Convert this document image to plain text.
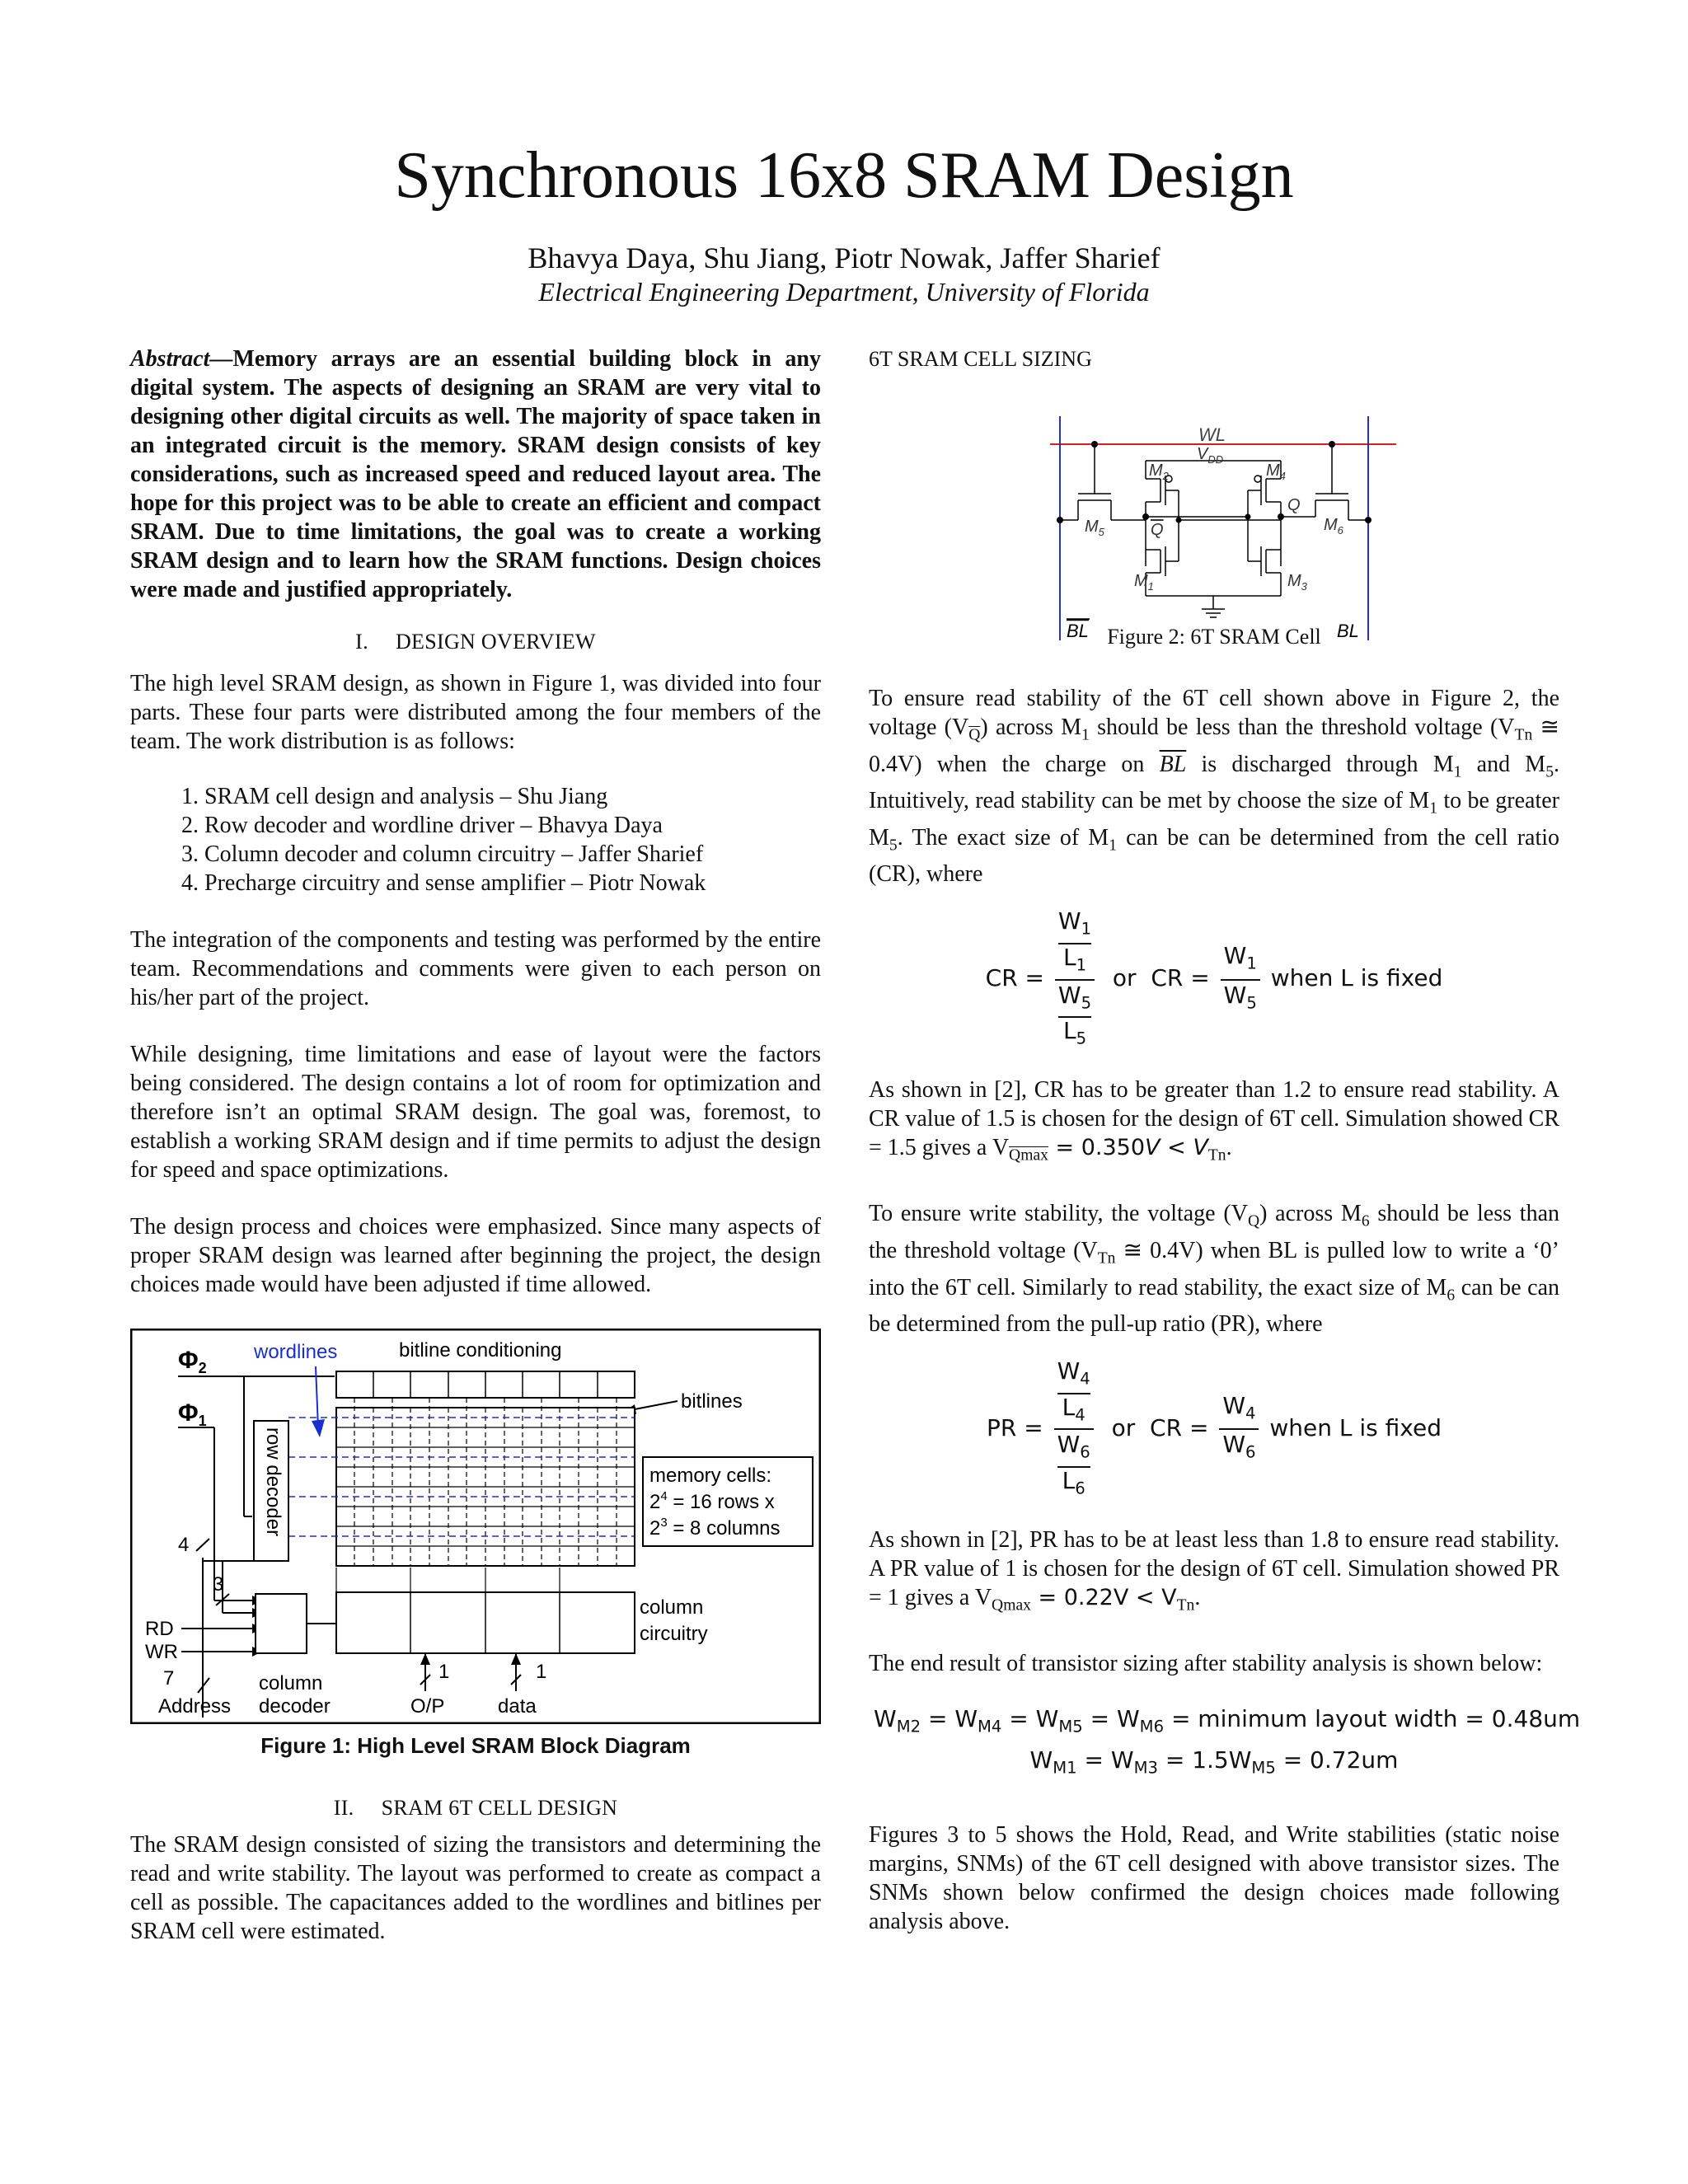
Synchronous 16x8 SRAM Design
Bhavya Daya, Shu Jiang, Piotr Nowak, Jaffer Sharief
Electrical Engineering Department, University of Florida

Abstract—Memory arrays are an essential building block in any digital system. The aspects of designing an SRAM are very vital to designing other digital circuits as well. The majority of space taken in an integrated circuit is the memory. SRAM design consists of key considerations, such as increased speed and reduced layout area. The hope for this project was to be able to create an efficient and compact SRAM. Due to time limitations, the goal was to create a working SRAM design and to learn how the SRAM functions. Design choices were made and justified appropriately.

I.  DESIGN OVERVIEW

The high level SRAM design, as shown in Figure 1, was divided into four parts. These four parts were distributed among the four members of the team. The work distribution is as follows:

1. SRAM cell design and analysis – Shu Jiang
2. Row decoder and wordline driver – Bhavya Daya
3. Column decoder and column circuitry – Jaffer Sharief
4. Precharge circuitry and sense amplifier – Piotr Nowak

The integration of the components and testing was performed by the entire team. Recommendations and comments were given to each person on his/her part of the project.

While designing, time limitations and ease of layout were the factors being considered. The design contains a lot of room for optimization and therefore isn’t an optimal SRAM design. The goal was, foremost, to establish a working SRAM design and if time permits to adjust the design for speed and space optimizations.

The design process and choices were emphasized. Since many aspects of proper SRAM design was learned after beginning the project, the design choices made would have been adjusted if time allowed.

$\Phi_2$
$\Phi_1$
wordlines	bitline conditioning
bitlines
row decoder	memory cells:
$2^4 = 16$ rows x
$2^3 = 8$ columns
4
3
RD
WR
7
Address
column
decoder
column
circuitry
1
O/P
1
data

Figure 1: High Level SRAM Block Diagram

II.  SRAM 6T CELL DESIGN

The SRAM design consisted of sizing the transistors and determining the read and write stability. The layout was performed to create as compact a cell as possible. The capacitances added to the wordlines and bitlines per SRAM cell were estimated.

6T SRAM CELL SIZING

WL
BL	BL
$V_{DD}$
$M_2$	$M_4$
$M_5$	$M_6$
$M_1$	$M_3$
Q
Q

Figure 2: 6T SRAM Cell

To ensure read stability of the 6T cell shown above in Figure 2, the voltage $(V_{\overline{Q}})$ across $M_1$ should be less than the threshold voltage ($V_{Tn}$ ≅ 0.4V) when the charge on $\overline{BL}$ is discharged through $M_1$ and $M_5$. Intuitively, read stability can be met by choose the size of $M_1$ to be greater $M_5$. The exact size of $M_1$ can be can be determined from the cell ratio (CR), where

CR = $\frac{\frac{W_1}{L_1}}{\frac{W_5}{L_5}}$ or CR = $\frac{W_1}{W_5}$ when L is fixed

As shown in [2], CR has to be greater than 1.2 to ensure read stability. A CR value of 1.5 is chosen for the design of 6T cell. Simulation showed CR = 1.5 gives a $V_{Qmax} = 0.350V < V_{Tn}$.

To ensure write stability, the voltage $(V_Q)$ across $M_6$ should be less than the threshold voltage ($V_{Tn}$ ≅ 0.4V) when BL is pulled low to write a ‘0’ into the 6T cell. Similarly to read stability, the exact size of $M_6$ can be can be determined from the pull-up ratio (PR), where

PR = $\frac{\frac{W_4}{L_4}}{\frac{W_6}{L_6}}$ or CR = $\frac{W_4}{W_6}$ when L is fixed

As shown in [2], PR has to be at least less than 1.8 to ensure read stability. A PR value of 1 is chosen for the design of 6T cell. Simulation showed PR = 1 gives a $V_{Qmax} = 0.22V < V_{Tn}$.

The end result of transistor sizing after stability analysis is shown below:

$W_{M2} = W_{M4} = W_{M5} = W_{M6}$ = minimum layout width = 0.48um

$W_{M1} = W_{M3} = 1.5W_{M5} = 0.72um$

Figures 3 to 5 shows the Hold, Read, and Write stabilities (static noise margins, SNMs) of the 6T cell designed with above transistor sizes. The SNMs shown below confirmed the design choices made following analysis above.
